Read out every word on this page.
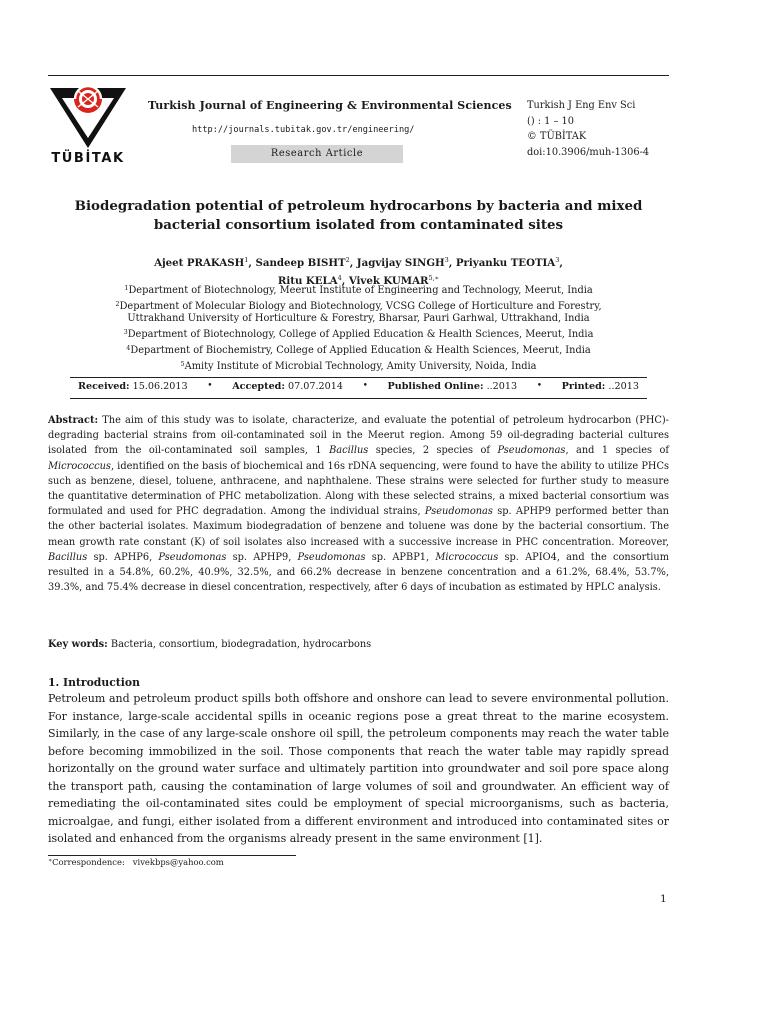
TÜBİTAK
Turkish Journal of Engineering & Environmental Sciences
http://journals.tubitak.gov.tr/engineering/
Research Article
Turkish J Eng Env Sci
() : 1 – 10
© TÜBİTAK
doi:10.3906/muh-1306-4
Biodegradation potential of petroleum hydrocarbons by bacteria and mixed
bacterial consortium isolated from contaminated sites
Ajeet PRAKASH$^1$, Sandeep BISHT$^2$, Jagvijay SINGH$^3$, Priyanku TEOTIA$^3$,
Ritu KELA$^4$, Vivek $KUMAR^{5,∗}$
$^1$Department of Biotechnology, Meerut Institute of Engineering and Technology, Meerut, India
$^2$Department of Molecular Biology and Biotechnology, VCSG College of Horticulture and Forestry,
Uttrakhand University of Horticulture & Forestry, Bharsar, Pauri Garhwal, Uttrakhand, India
$^3$Department of Biotechnology, College of Applied Education & Health Sciences, Meerut, India
$^4$Department of Biochemistry, College of Applied Education & Health Sciences, Meerut, India
$^5$Amity Institute of Microbial Technology, Amity University, Noida, India
Received: 15.06.2013 • Accepted: 07.07.2014 • Published Online: ..2013 • Printed: ..2013

Abstract: The aim of this study was to isolate, characterize, and evaluate the potential of petroleum hydrocarbon (PHC)-degrading bacterial strains from oil-contaminated soil in the Meerut region. Among 59 oil-degrading bacterial cultures isolated from the oil-contaminated soil samples, 1 Bacillus species, 2 species of Pseudomonas, and 1 species of Micrococcus, identified on the basis of biochemical and 16s rDNA sequencing, were found to have the ability to utilize PHCs such as benzene, diesel, toluene, anthracene, and naphthalene. These strains were selected for further study to measure the quantitative determination of PHC metabolization. Along with these selected strains, a mixed bacterial consortium was formulated and used for PHC degradation. Among the individual strains, Pseudomonas sp. APHP9 performed better than the other bacterial isolates. Maximum biodegradation of benzene and toluene was done by the bacterial consortium. The mean growth rate constant (K) of soil isolates also increased with a successive increase in PHC concentration. Moreover, Bacillus sp. APHP6, Pseudomonas sp. APHP9, Pseudomonas sp. APBP1, Micrococcus sp. APIO4, and the consortium resulted in a 54.8%, 60.2%, 40.9%, 32.5%, and 66.2% decrease in benzene concentration and a 61.2%, 68.4%, 53.7%, 39.3%, and 75.4% decrease in diesel concentration, respectively, after 6 days of incubation as estimated by HPLC analysis.

Key words: Bacteria, consortium, biodegradation, hydrocarbons
1. Introduction

Petroleum and petroleum product spills both offshore and onshore can lead to severe environmental pollution. For instance, large-scale accidental spills in oceanic regions pose a great threat to the marine ecosystem. Similarly, in the case of any large-scale onshore oil spill, the petroleum components may reach the water table before becoming immobilized in the soil. Those components that reach the water table may rapidly spread horizontally on the ground water surface and ultimately partition into groundwater and soil pore space along the transport path, causing the contamination of large volumes of soil and groundwater. An efficient way of remediating the oil-contaminated sites could be employment of special microorganisms, such as bacteria, microalgae, and fungi, either isolated from a different environment and introduced into contaminated sites or isolated and enhanced from the organisms already present in the same environment [1].

∗Correspondence: vivekbps@yahoo.com
1
